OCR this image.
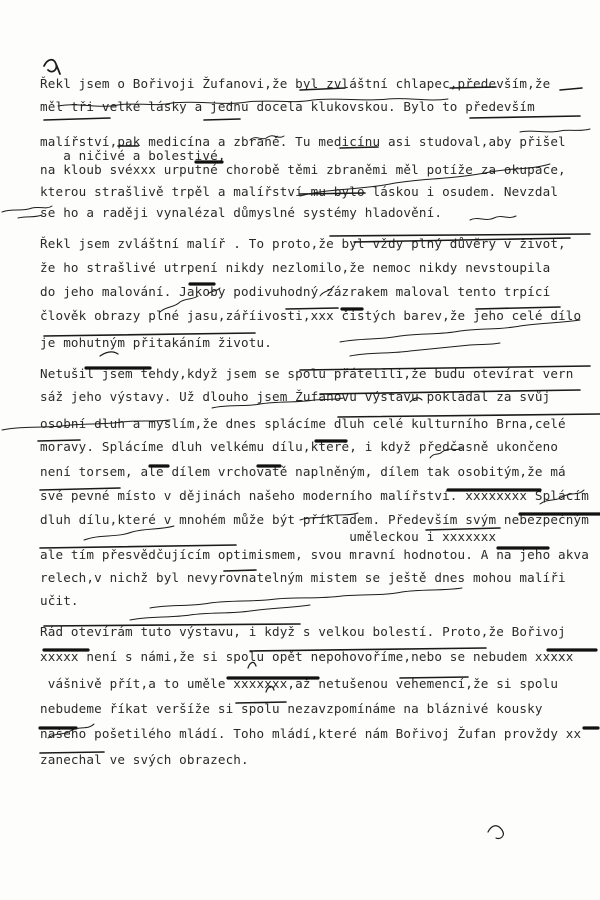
Řekl jsem o Bořivoji Žufanovi,že byl zvláštní chlapec,především,že
měl tři velké lásky a jednu docela klukovskou. Bylo to především
malířství,pak medicína a zbraně. Tu medicínu asi studoval,aby přišel
a ničivé a bolestivé,
na kloub svéxxx urputné chorobě těmi zbraněmi měl potíže za okupace,
kterou strašlivě trpěl a malířství mu bylo láskou i osudem. Nevzdal
se ho a raději vynalézal důmyslné systémy hladovění.
Řekl jsem zvláštní malíř . To proto,že byl vždy plný důvěry v život,
že ho strašlivé utrpení nikdy nezlomilo,že nemoc nikdy nevstoupila
do jeho malování. Jakoby podivuhodný zázrakem maloval tento trpící
člověk obrazy plné jasu,záříivosti,xxx čistých barev,že jeho celé dílo
je mohutným přitakáním životu.
Netušil jsem tehdy,když jsem se spolu přátelili,že budu otevírat vern
sáž jeho výstavy. Už dlouho jsem Žufanovu výstavu pokládal za svůj
osobní dluh a myslím,že dnes splácíme dluh celé kulturního Brna,celé
moravy. Splácíme dluh velkému dílu,které, i když předčasně ukončeno
není torsem, ale dílem vrchovatě naplněným, dílem tak osobitým,že má
své pevné místo v dějinách našeho moderního malířství. xxxxxxxx Splácím
dluh dílu,které v mnohém může být příkladem. Především svým nebezpečným
uměleckou i xxxxxxx
ale tím přesvědčujícím optimismem, svou mravní hodnotou. A na jeho akva
relech,v nichž byl nevyrovnatelným mistem se ještě dnes mohou malíři
učit.
Rád otevírám tuto výstavu, i když s velkou bolestí. Proto,že Bořivoj
xxxxx není s námi,že si spolu opět nepohovoříme,nebo se nebudem xxxxx
vášnivě přít,a to uměle xxxxxxx,až netušenou vehemencí,že si spolu
nebudeme říkat veršíže si spolu nezavzpomínáme na bláznivé kousky
našeho pošetilého mládí. Toho mládí,které nám Bořivoj Žufan provždy xx
zanechal ve svých obrazech.
